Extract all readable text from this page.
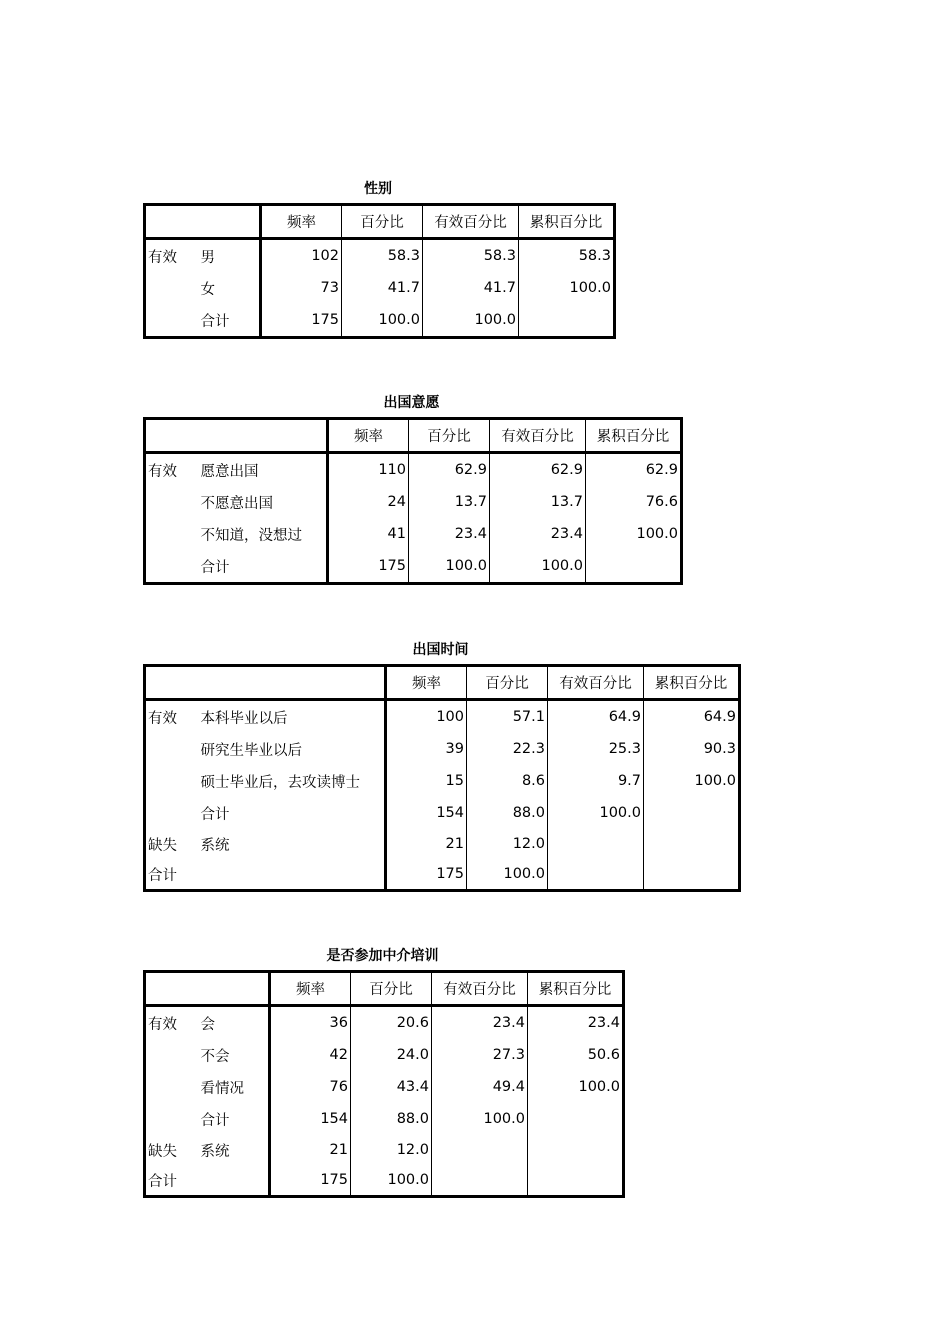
性别
		频率	百分比	有效百分比	累积百分比
有效	男	102	58.3	58.3	58.3
	女	73	41.7	41.7	100.0
	合计	175	100.0	100.0	
出国意愿
		频率	百分比	有效百分比	累积百分比
有效	愿意出国	110	62.9	62.9	62.9
	不愿意出国	24	13.7	13.7	76.6
	不知道，没想过	41	23.4	23.4	100.0
	合计	175	100.0	100.0	
出国时间
		频率	百分比	有效百分比	累积百分比
有效	本科毕业以后	100	57.1	64.9	64.9
	研究生毕业以后	39	22.3	25.3	90.3
	硕士毕业后，去攻读博士	15	8.6	9.7	100.0
	合计	154	88.0	100.0	
缺失	系统	21	12.0		
合计		175	100.0		
是否参加中介培训
		频率	百分比	有效百分比	累积百分比
有效	会	36	20.6	23.4	23.4
	不会	42	24.0	27.3	50.6
	看情况	76	43.4	49.4	100.0
	合计	154	88.0	100.0	
缺失	系统	21	12.0		
合计		175	100.0		
